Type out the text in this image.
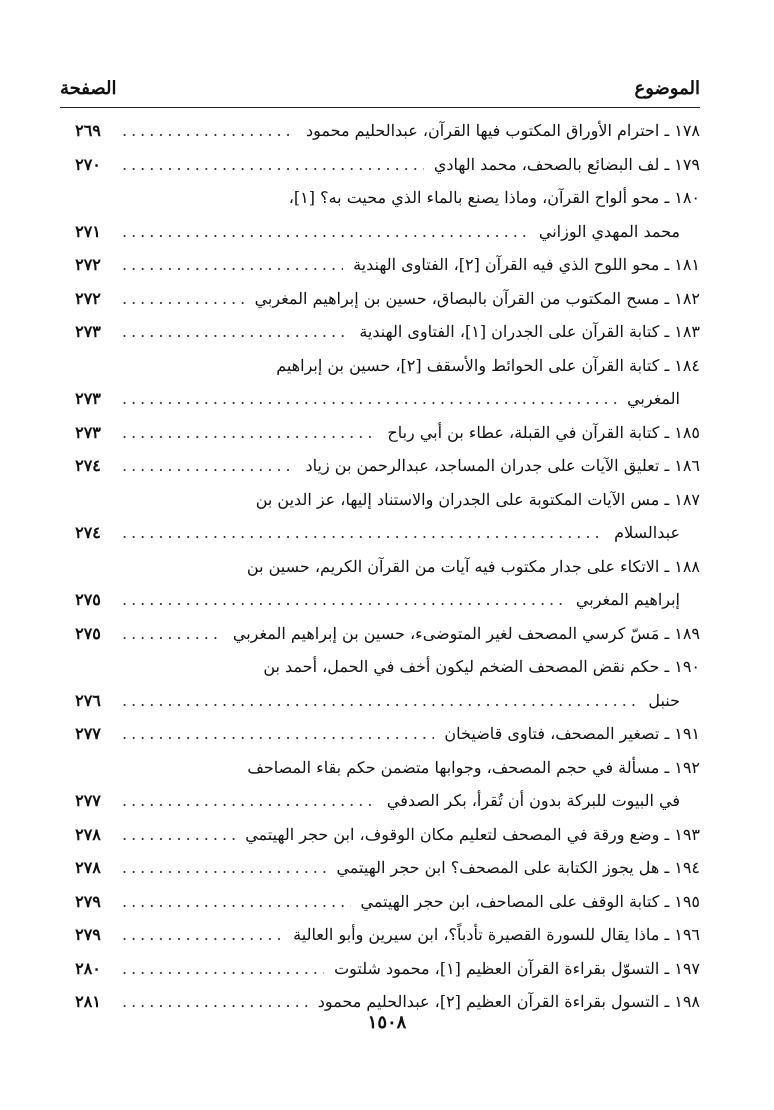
الموضوع
الصفحة
١٧٨ ـ احترام الأوراق المكتوب فيها القرآن، عبدالحليم محمود
.....
٢٦٩
١٧٩ ـ لف البضائع بالصحف، محمد الهادي
.....
٢٧٠
١٨٠ ـ محو ألواح القرآن، وماذا يصنع بالماء الذي محيت به؟ [١]،
محمد المهدي الوزاني
.....
٢٧١
١٨١ ـ محو اللوح الذي فيه القرآن [٢]، الفتاوى الهندية
.....
٢٧٢
١٨٢ ـ مسح المكتوب من القرآن بالبصاق، حسين بن إبراهيم المغربي
.....
٢٧٢
١٨٣ ـ كتابة القرآن على الجدران [١]، الفتاوى الهندية
.....
٢٧٣
١٨٤ ـ كتابة القرآن على الحوائط والأسقف [٢]، حسين بن إبراهيم
المغربي
.....
٢٧٣
١٨٥ ـ كتابة القرآن في القبلة، عطاء بن أبي رباح
.....
٢٧٣
١٨٦ ـ تعليق الآيات على جدران المساجد، عبدالرحمن بن زياد
.....
٢٧٤
١٨٧ ـ مس الآيات المكتوبة على الجدران والاستناد إليها، عز الدين بن
عبدالسلام
.....
٢٧٤
١٨٨ ـ الاتكاء على جدار مكتوب فيه آيات من القرآن الكريم، حسين بن
إبراهيم المغربي
.....
٢٧٥
١٨٩ ـ مَسّ كرسي المصحف لغير المتوضىء، حسين بن إبراهيم المغربي
.....
٢٧٥
١٩٠ ـ حكم نقض المصحف الضخم ليكون أخف في الحمل، أحمد بن
حنبل
.....
٢٧٦
١٩١ ـ تصغير المصحف، فتاوى قاضيخان
.....
٢٧٧
١٩٢ ـ مسألة في حجم المصحف، وجوابها متضمن حكم بقاء المصاحف
في البيوت للبركة بدون أن تُقرأ، بكر الصدفي
.....
٢٧٧
١٩٣ ـ وضع ورقة في المصحف لتعليم مكان الوقوف، ابن حجر الهيتمي
.....
٢٧٨
١٩٤ ـ هل يجوز الكتابة على المصحف؟ ابن حجر الهيتمي
.....
٢٧٨
١٩٥ ـ كتابة الوقف على المصاحف، ابن حجر الهيتمي
.....
٢٧٩
١٩٦ ـ ماذا يقال للسورة القصيرة تأدباً؟، ابن سيرين وأبو العالية
.....
٢٧٩
١٩٧ ـ التسوّل بقراءة القرآن العظيم [١]، محمود شلتوت
.....
٢٨٠
١٩٨ ـ التسول بقراءة القرآن العظيم [٢]، عبدالحليم محمود
.....
٢٨١
١٥٠٨
